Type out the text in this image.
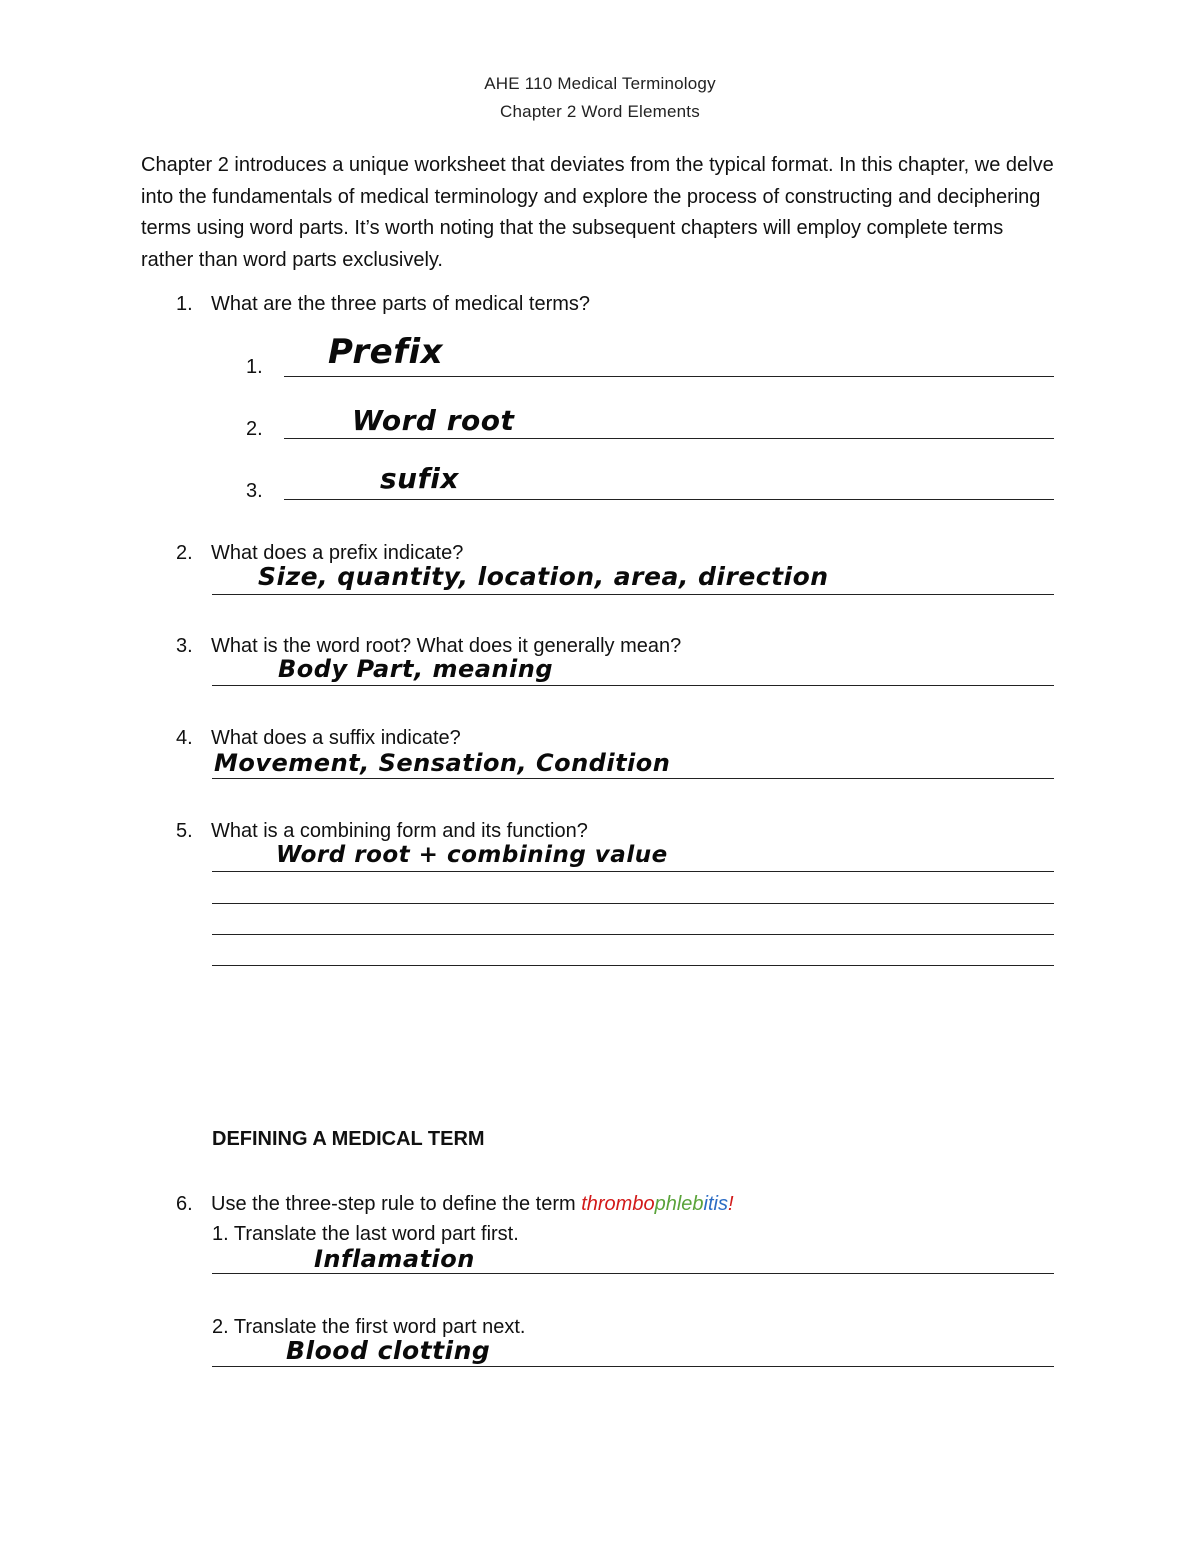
AHE 110 Medical Terminology
Chapter 2 Word Elements
Chapter 2 introduces a unique worksheet that deviates from the typical format. In this chapter, we delve into the fundamentals of medical terminology and explore the process of constructing and deciphering terms using word parts. It’s worth noting that the subsequent chapters will employ complete terms rather than word parts exclusively.
1. What are the three parts of medical terms?
1. Prefix
2.	Word root
3.	sufix
2. What does a prefix indicate?
Size, quantity, location, area, direction
3. What is the word root? What does it generally mean?
Body Part, meaning
4. What does a suffix indicate?
Movement, Sensation, Condition
5. What is a combining form and its function?
Word root + combining value
DEFINING A MEDICAL TERM
6. Use the three-step rule to define the term thrombophlebitis!
1. Translate the last word part first.
Inflamation
2. Translate the first word part next.
Blood clotting
